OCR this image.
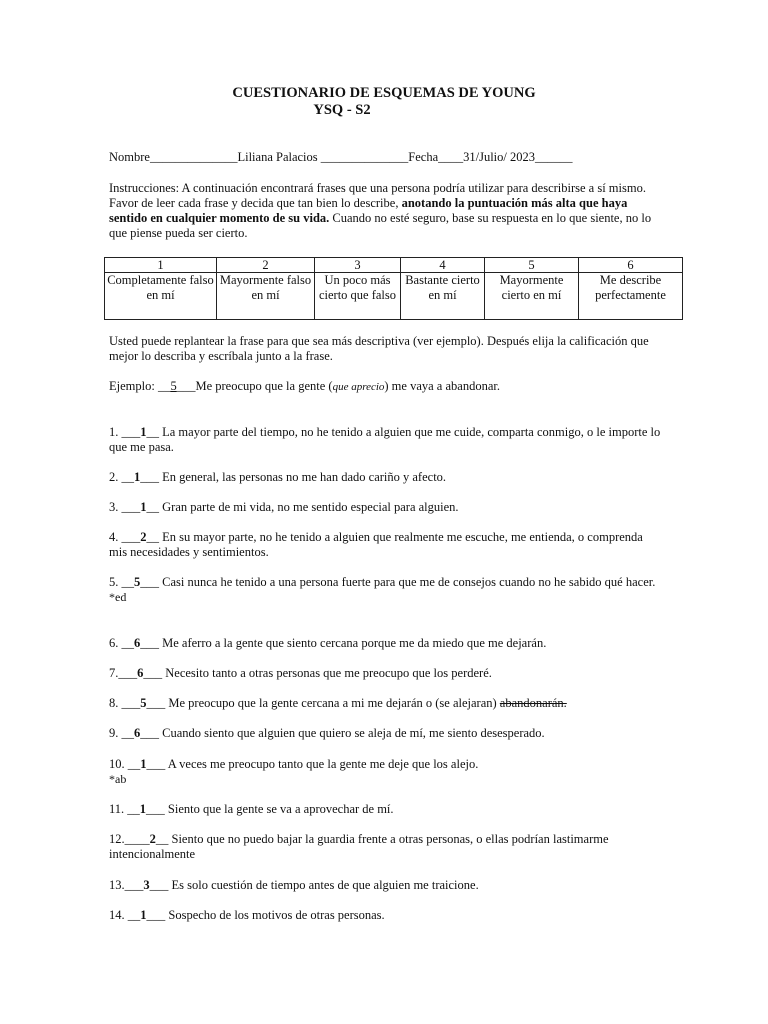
CUESTIONARIO DE ESQUEMAS DE YOUNG
YSQ - S2
Nombre______________Liliana Palacios ______________Fecha____31/Julio/ 2023______
Instrucciones: A continuación encontrará frases que una persona podría utilizar para describirse a sí mismo. Favor de leer cada frase y decida que tan bien lo describe, anotando la puntuación más alta que haya sentido en cualquier momento de su vida. Cuando no esté seguro, base su respuesta en lo que siente, no lo que piense pueda ser cierto.
1	2	3	4	5	6
Completamente falso en mí	Mayormente falso en mí	Un poco más cierto que falso	Bastante cierto en mí	Mayormente cierto en mí	Me describe perfectamente
Usted puede replantear la frase para que sea más descriptiva (ver ejemplo). Después elija la calificación que mejor lo describa y escríbala junto a la frase.
Ejemplo: __5___Me preocupo que la gente (que aprecio) me vaya a abandonar.

1. ___1__ La mayor parte del tiempo, no he tenido a alguien que me cuide, comparta conmigo, o le importe lo que me pasa.

2. __1___ En general, las personas no me han dado cariño y afecto.

3. ___1__ Gran parte de mi vida, no me sentido especial para alguien.

4. ___2__ En su mayor parte, no he tenido a alguien que realmente me escuche, me entienda, o comprenda mis necesidades y sentimientos.

5. __5___ Casi nunca he tenido a una persona fuerte para que me de consejos cuando no he sabido qué hacer.

*ed

6. __6___ Me aferro a la gente que siento cercana porque me da miedo que me dejarán.

7.___6___ Necesito tanto a otras personas que me preocupo que los perderé.

8. ___5___ Me preocupo que la gente cercana a mi me dejarán o (se alejaran) abandonarán.

9. __6___ Cuando siento que alguien que quiero se aleja de mí, me siento desesperado.

10. __1___ A veces me preocupo tanto que la gente me deje que los alejo.

*ab

11. __1___ Siento que la gente se va a aprovechar de mí.

12.____2__ Siento que no puedo bajar la guardia frente a otras personas, o ellas podrían lastimarme intencionalmente

13.___3___ Es solo cuestión de tiempo antes de que alguien me traicione.

14. __1___ Sospecho de los motivos de otras personas.
